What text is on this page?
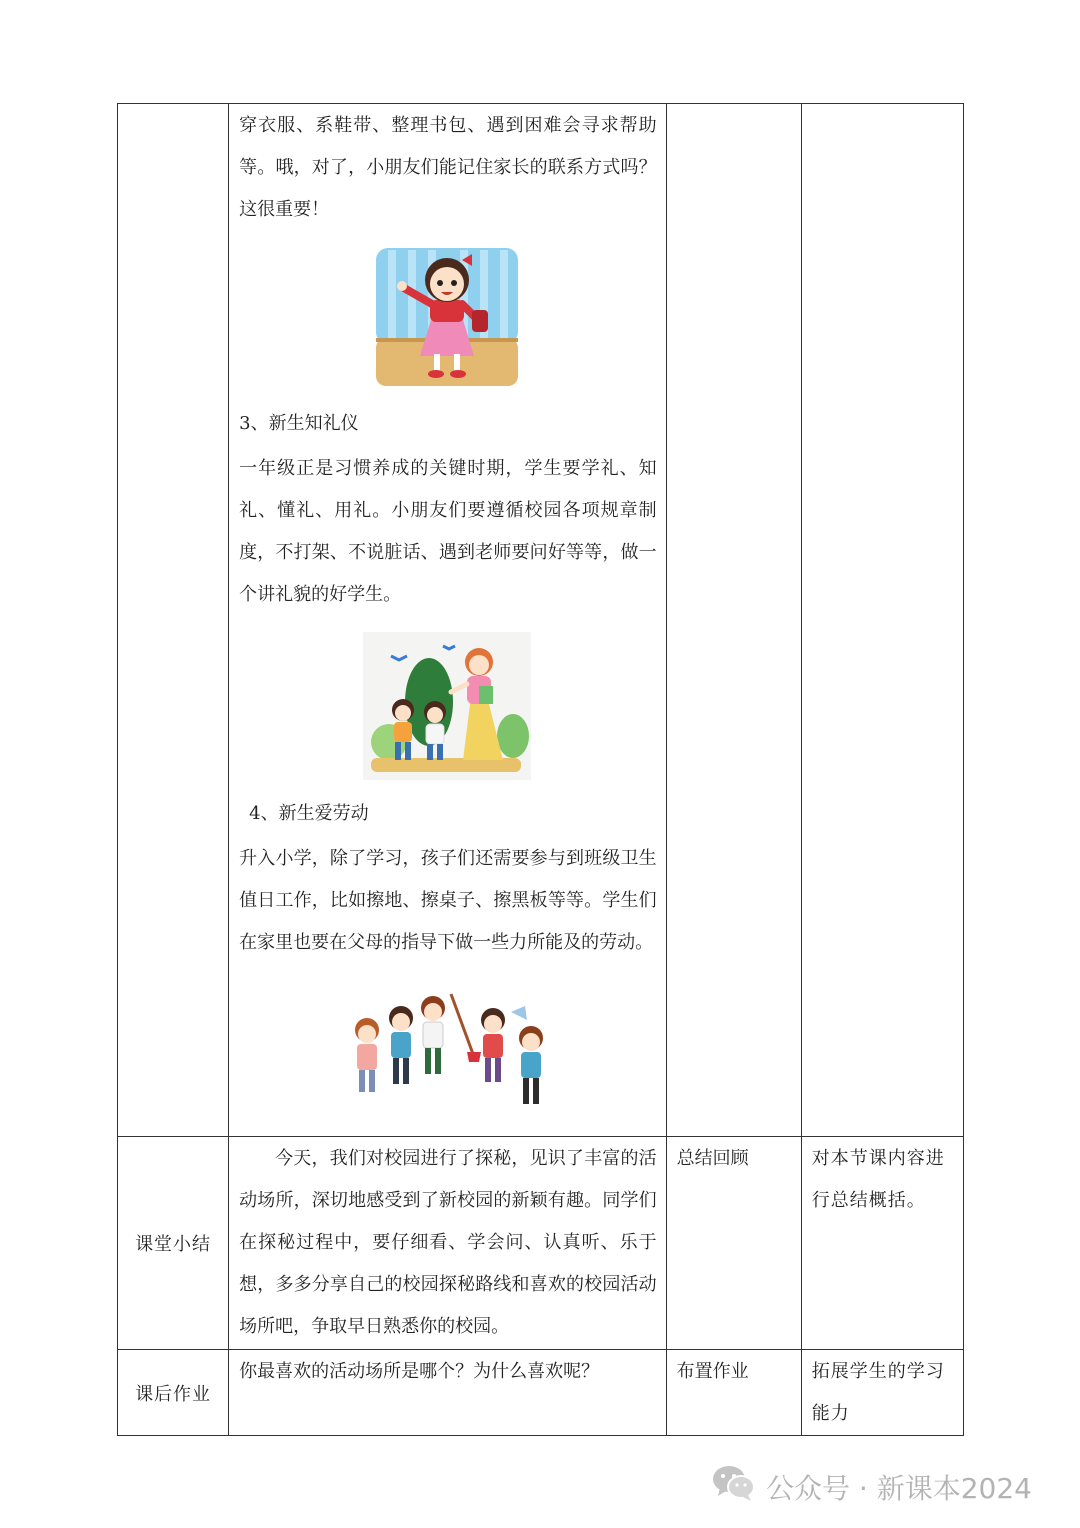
	穿衣服、系鞋带、整理书包、遇到困难会寻求帮助等。哦，对了，小朋友们能记住家长的联系方式吗？这很重要！

3、新生知礼仪

一年级正是习惯养成的关键时期，学生要学礼、知礼、懂礼、用礼。小朋友们要遵循校园各项规章制度，不打架、不说脏话、遇到老师要问好等等，做一个讲礼貌的好学生。

4、新生爱劳动

升入小学，除了学习，孩子们还需要参与到班级卫生值日工作，比如擦地、擦桌子、擦黑板等等。学生们在家里也要在父母的指导下做一些力所能及的劳动。		

课堂小结	今天，我们对校园进行了探秘，见识了丰富的活动场所，深切地感受到了新校园的新颖有趣。同学们在探秘过程中，要仔细看、学会问、认真听、乐于想，多多分享自己的校园探秘路线和喜欢的校园活动场所吧，争取早日熟悉你的校园。	总结回顾	对本节课内容进行总结概括。

课后作业	你最喜欢的活动场所是哪个？为什么喜欢呢？	布置作业	拓展学生的学习能力

公众号 · 新课本2024
